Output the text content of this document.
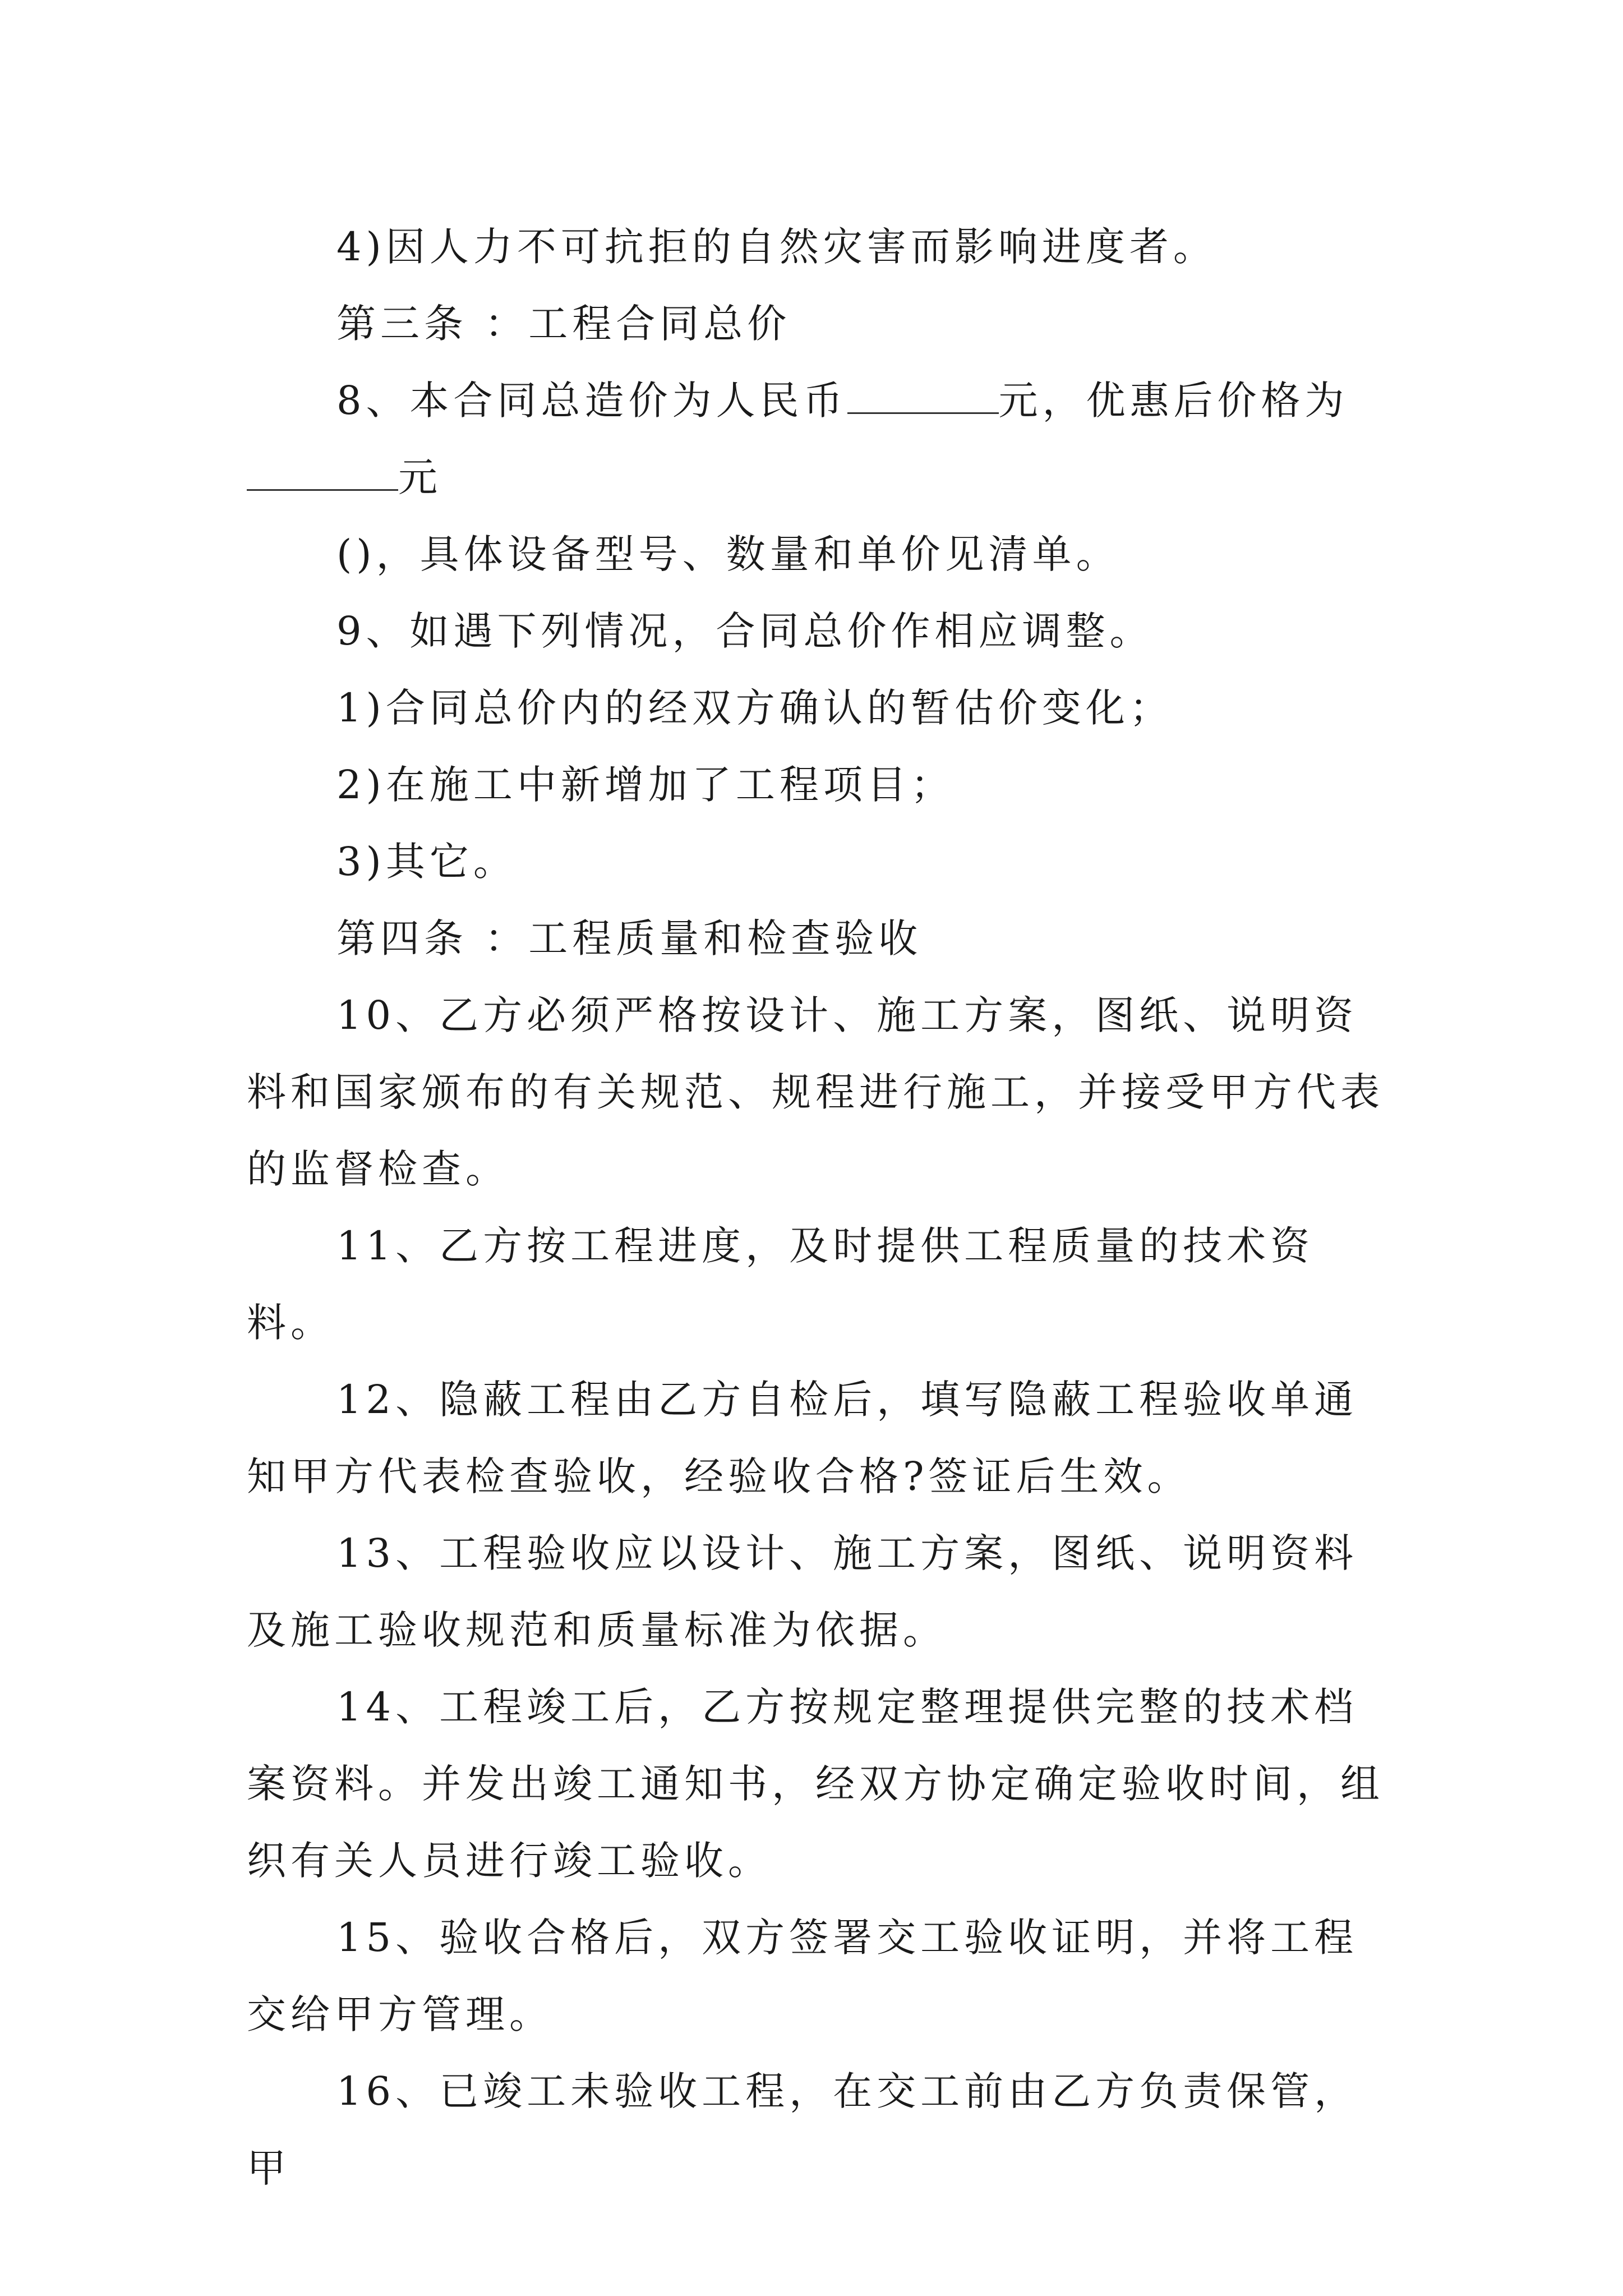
4)因人力不可抗拒的自然灾害而影响进度者。

第三条 ：工程合同总价

8、本合同总造价为人民币	元，优惠后价格为元

()，具体设备型号、数量和单价见清单。

9、如遇下列情况，合同总价作相应调整。

1)合同总价内的经双方确认的暂估价变化；

2)在施工中新增加了工程项目；

3)其它。

第四条 ：工程质量和检查验收

10、乙方必须严格按设计、施工方案，图纸、说明资料和国家颁布的有关规范、规程进行施工，并接受甲方代表的监督检查。

11、乙方按工程进度，及时提供工程质量的技术资料。

12、隐蔽工程由乙方自检后，填写隐蔽工程验收单通知甲方代表检查验收，经验收合格?签证后生效。

13、工程验收应以设计、施工方案，图纸、说明资料及施工验收规范和质量标准为依据。

14、工程竣工后，乙方按规定整理提供完整的技术档案资料。并发出竣工通知书，经双方协定确定验收时间，组织有关人员进行竣工验收。

15、验收合格后，双方签署交工验收证明，并将工程交给甲方管理。

16、已竣工未验收工程，在交工前由乙方负责保管，甲
